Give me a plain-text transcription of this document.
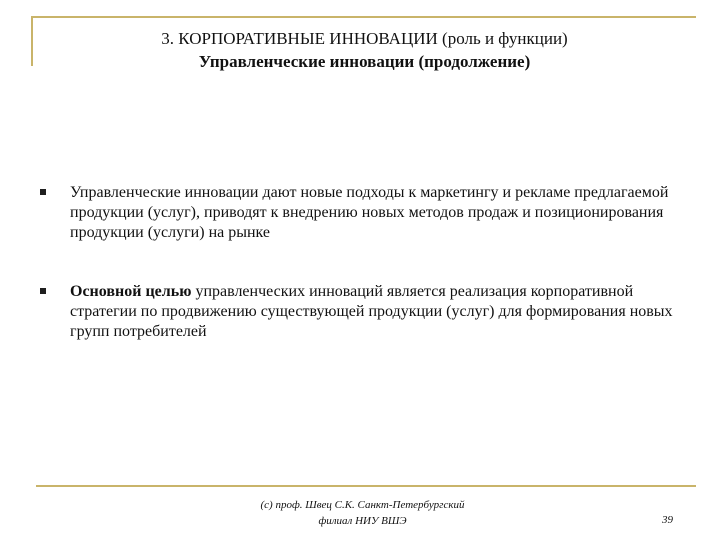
3. КОРПОРАТИВНЫЕ ИННОВАЦИИ (роль и функции)
Управленческие инновации (продолжение)
Управленческие инновации дают новые подходы к маркетингу и рекламе предлагаемой продукции (услуг), приводят к внедрению новых методов продаж и позиционирования продукции (услуги) на рынке
Основной целью управленческих инноваций является реализация корпоративной стратегии по продвижению существующей продукции (услуг) для формирования новых групп потребителей
(с) проф. Швец С.К. Санкт-Петербургский
филиал НИУ ВШЭ	39
